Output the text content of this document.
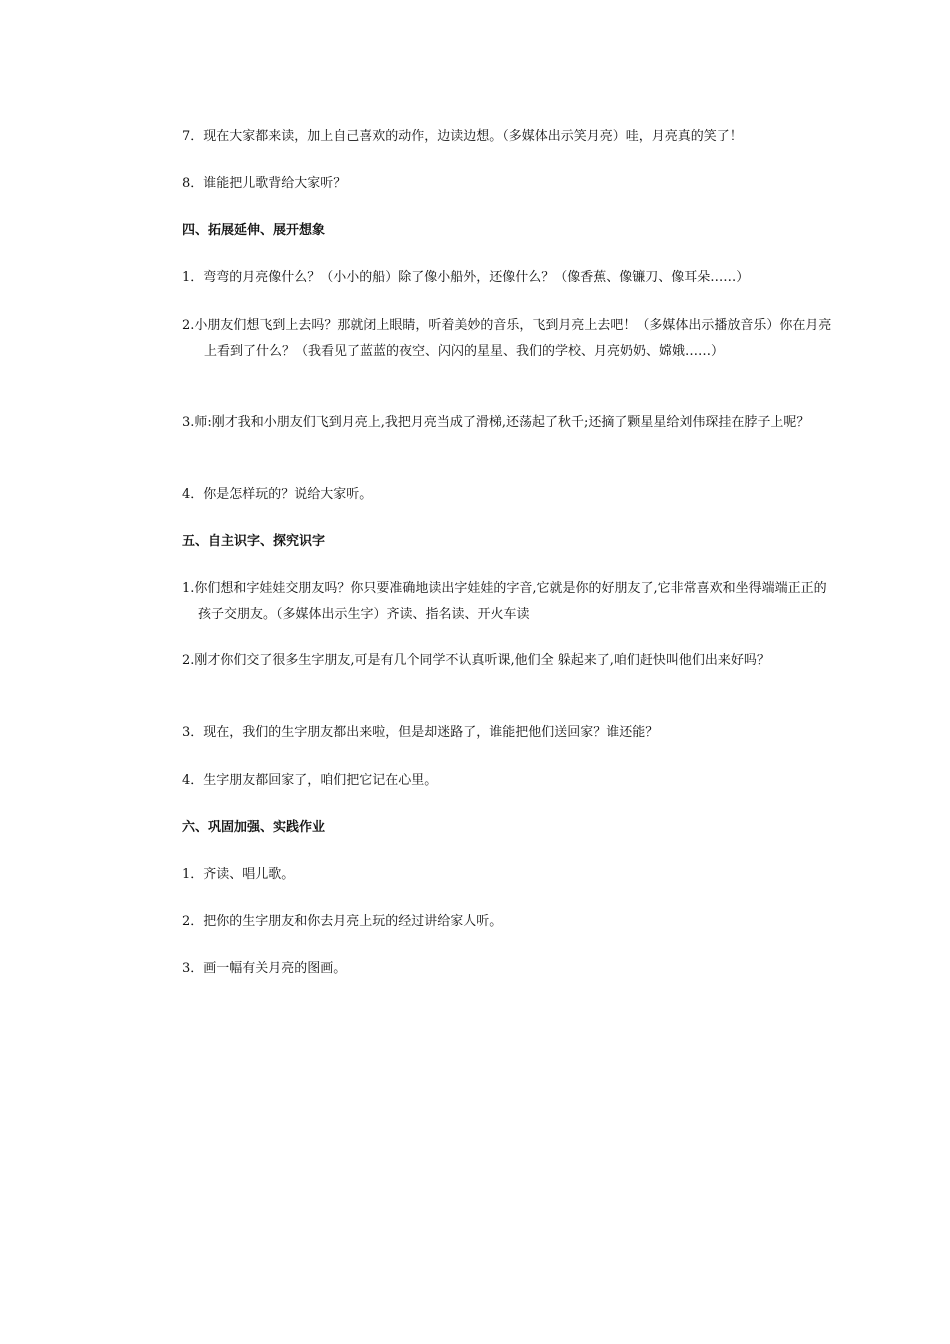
7．现在大家都来读，加上自己喜欢的动作，边读边想。（多媒体出示笑月亮）哇，月亮真的笑了！
8．谁能把儿歌背给大家听？
四、拓展延伸、展开想象
1．弯弯的月亮像什么？（小小的船）除了像小船外，还像什么？（像香蕉、像镰刀、像耳朵……）
2.小朋友们想飞到上去吗？那就闭上眼睛，听着美妙的音乐，飞到月亮上去吧！（多媒体出示播放音乐）你在月亮上看到了什么？（我看见了蓝蓝的夜空、闪闪的星星、我们的学校、月亮奶奶、嫦娥……）
3.师:刚才我和小朋友们飞到月亮上,我把月亮当成了滑梯,还荡起了秋千;还摘了颗星星给刘伟琛挂在脖子上呢？
4．你是怎样玩的？说给大家听。
五、自主识字、探究识字
1.你们想和字娃娃交朋友吗？你只要准确地读出字娃娃的字音,它就是你的好朋友了,它非常喜欢和坐得端端正正的孩子交朋友。（多媒体出示生字）齐读、指名读、开火车读
2.刚才你们交了很多生字朋友,可是有几个同学不认真听课,他们全 躲起来了,咱们赶快叫他们出来好吗？
3．现在，我们的生字朋友都出来啦，但是却迷路了，谁能把他们送回家？谁还能？
4．生字朋友都回家了，咱们把它记在心里。
六、巩固加强、实践作业
1．齐读、唱儿歌。
2．把你的生字朋友和你去月亮上玩的经过讲给家人听。
3．画一幅有关月亮的图画。
